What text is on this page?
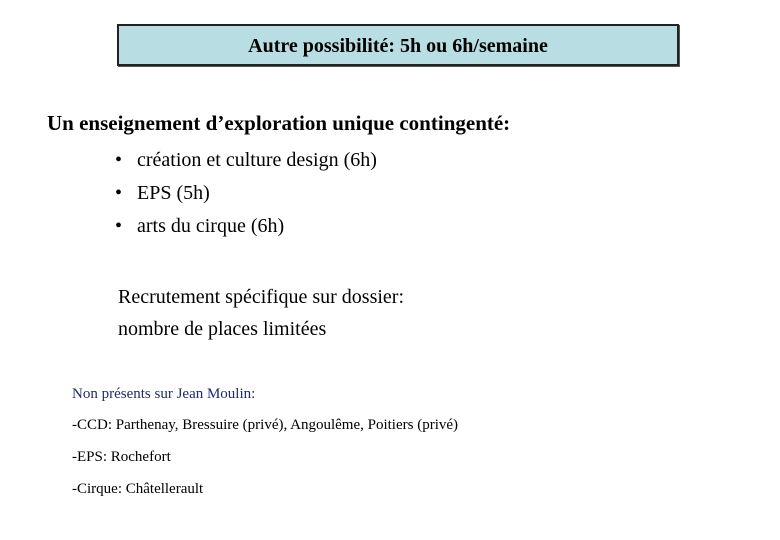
Autre possibilité: 5h ou 6h/semaine
Un enseignement d’exploration unique contingenté:
• création et culture design (6h)
• EPS (5h)
• arts du cirque (6h)
Recrutement spécifique sur dossier:
nombre de places limitées
Non présents sur Jean Moulin:
-CCD: Parthenay, Bressuire (privé), Angoulême, Poitiers (privé)
-EPS: Rochefort
-Cirque: Châtellerault
